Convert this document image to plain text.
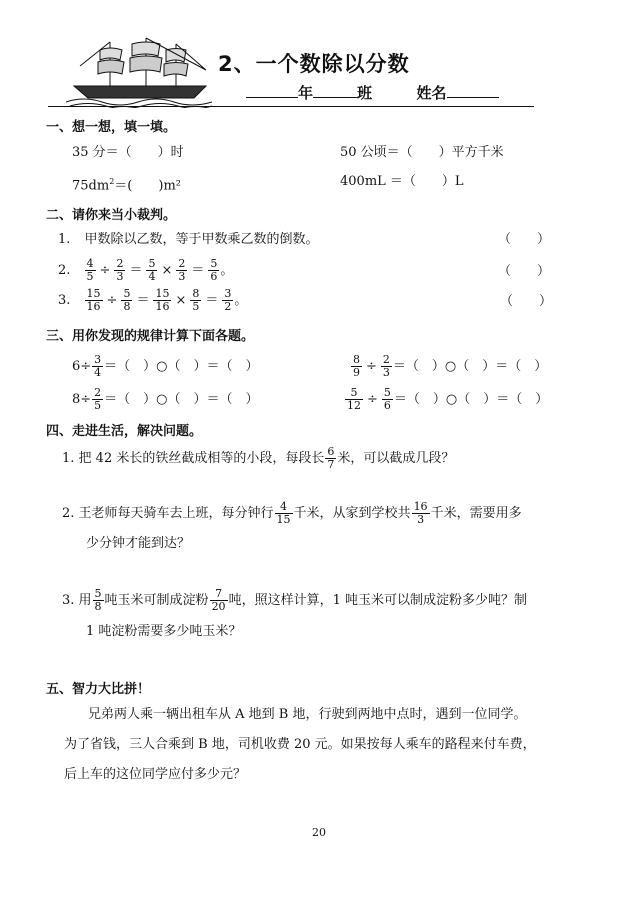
2、一个数除以分数
年	班	姓名
一、想一想，填一填。
35 分＝（　　）时	50 公顷＝（　　）平方千米
$75dm^2=$(　　)m²	400mL ＝（　　）L
二、请你来当小裁判。
1. 甲数除以乙数，等于甲数乘乙数的倒数。	（　　）
2. $\frac{4}{5} \div \frac{2}{3} = \frac{5}{4} \times \frac{2}{3} = \frac{5}{6}$ 。	（　　）
3. $\frac{15}{16} \div \frac{5}{8} = \frac{15}{16} \times \frac{8}{5} = \frac{3}{2}$ 。	（　　）
三、用你发现的规律计算下面各题。
$6\div \frac{3}{4}$ ＝（　）○（　）＝（　）	$\frac{8}{9} \div \frac{2}{3}$ ＝（　）○（　）＝（　）
$8\div \frac{2}{5}$ ＝（　）○（　）＝（　）	$\frac{5}{12} \div \frac{5}{6}$ ＝（　）○（　）＝（　）
四、走进生活，解决问题。
1. 把 42 米长的铁丝截成相等的小段，每段长 $\frac{6}{7}$ 米，可以截成几段？
2. 王老师每天骑车去上班，每分钟行 $\frac{4}{15}$ 千米，从家到学校共 $\frac{16}{3}$ 千米，需要用多
少分钟才能到达？
3. 用 $\frac{5}{8}$ 吨玉米可制成淀粉 $\frac{7}{20}$ 吨，照这样计算，1 吨玉米可以制成淀粉多少吨？制
1 吨淀粉需要多少吨玉米？
五、智力大比拼！
兄弟两人乘一辆出租车从 A 地到 B 地，行驶到两地中点时，遇到一位同学。
为了省钱，三人合乘到 B 地，司机收费 20 元。如果按每人乘车的路程来付车费，
后上车的这位同学应付多少元？
20
